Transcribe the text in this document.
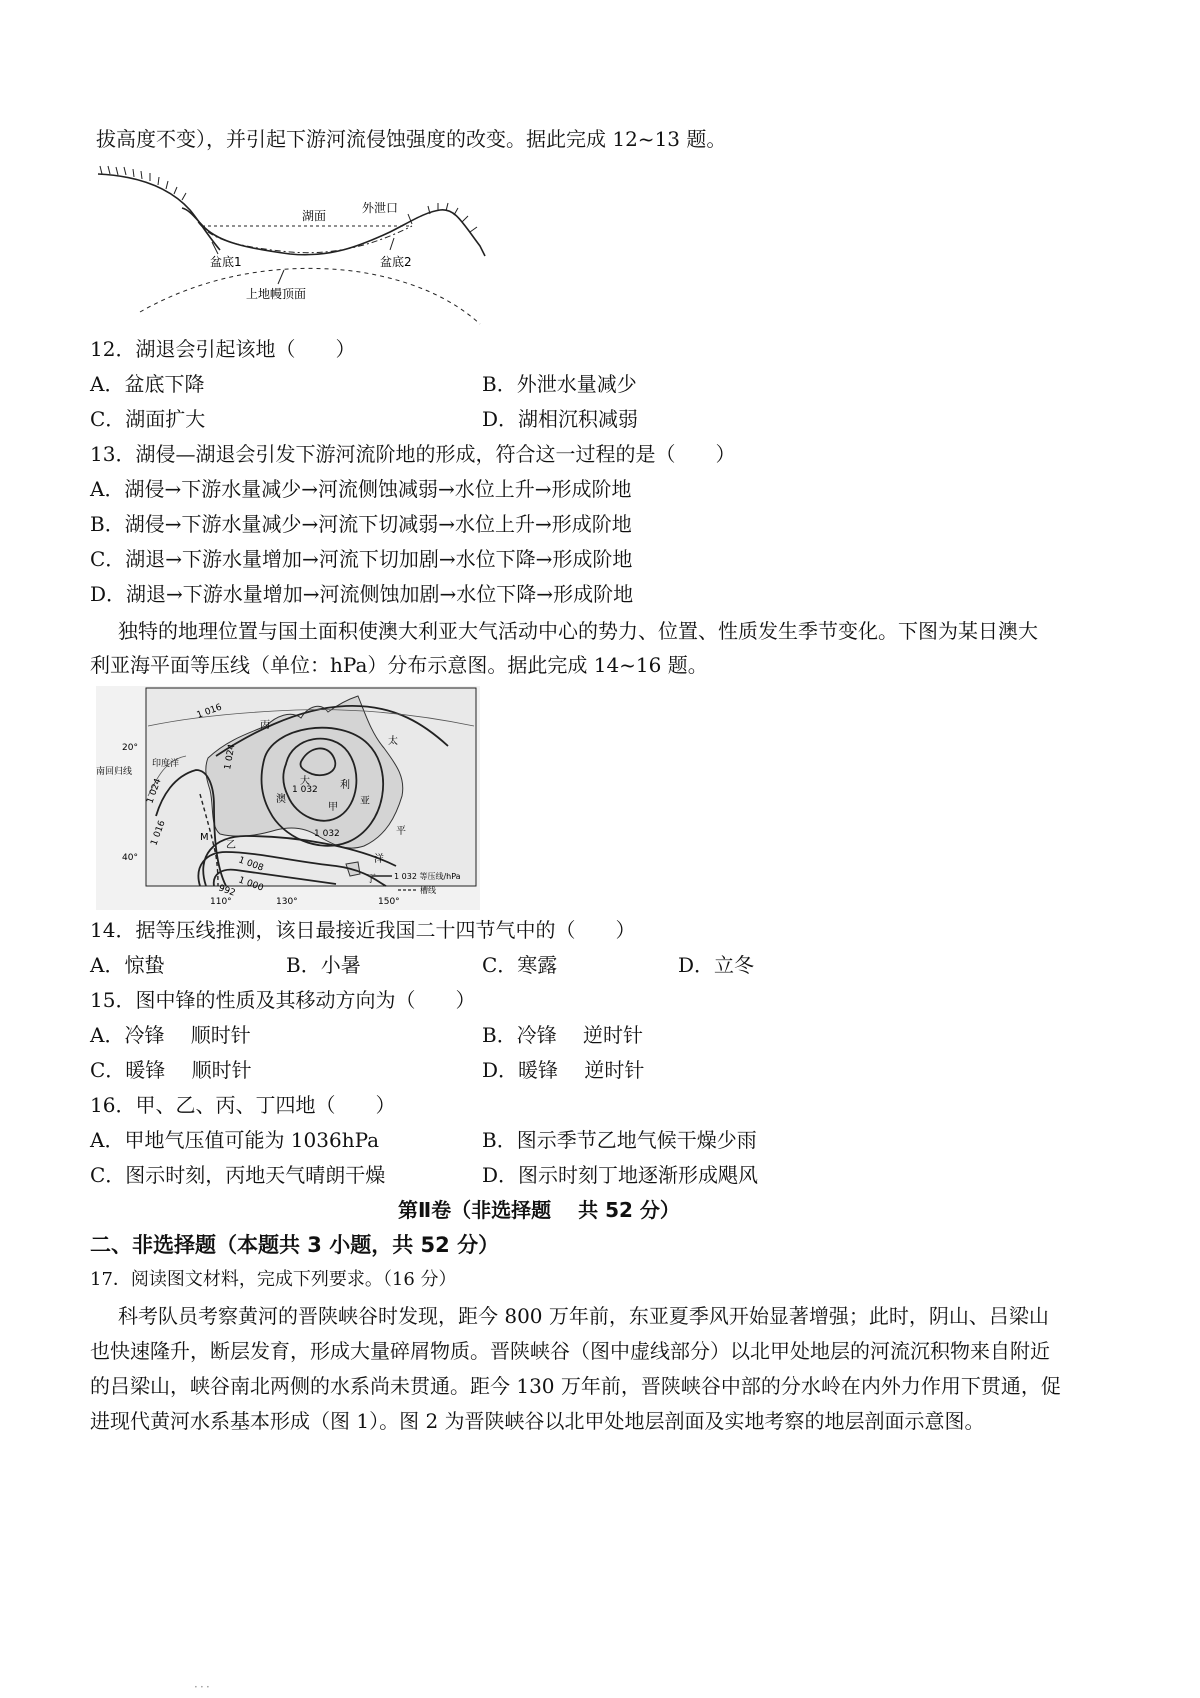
拔高度不变），并引起下游河流侵蚀强度的改变。据此完成 12~13 题。
湖面
外泄口
盆底1	盆底2
上地幔顶面
12．湖退会引起该地（　　）
A．盆底下降	B．外泄水量减少
C．湖面扩大	D．湖相沉积减弱
13．湖侵—湖退会引发下游河流阶地的形成，符合这一过程的是（　　）
A．湖侵→下游水量减少→河流侧蚀减弱→水位上升→形成阶地
B．湖侵→下游水量减少→河流下切减弱→水位上升→形成阶地
C．湖退→下游水量增加→河流下切加剧→水位下降→形成阶地
D．湖退→下游水量增加→河流侧蚀加剧→水位下降→形成阶地
独特的地理位置与国土面积使澳大利亚大气活动中心的势力、位置、性质发生季节变化。下图为某日澳大
利亚海平面等压线（单位：hPa）分布示意图。据此完成 14~16 题。
20°
40°
南回归线
印度洋
110°	130°	150°
1 016
1 016
1 024
1 024
1 032
1 032
1 008
1 000
992
丙
甲
乙
丁
M
太
平
洋
澳
大	利
亚
1 032 等压线/hPa
槽线
14．据等压线推测，该日最接近我国二十四节气中的（　　）
A．惊蛰	B．小暑	C．寒露	D．立冬
15．图中锋的性质及其移动方向为（　　）
A．冷锋　 顺时针	B．冷锋　 逆时针
C．暖锋　 顺时针	D．暖锋　 逆时针
16．甲、乙、丙、丁四地（　　）
A．甲地气压值可能为 1036hPa	B．图示季节乙地气候干燥少雨
C．图示时刻，丙地天气晴朗干燥	D．图示时刻丁地逐渐形成飓风
第Ⅱ卷（非选择题　 共 52 分）
二、非选择题（本题共 3 小题，共 52 分）
17．阅读图文材料，完成下列要求。（16 分）
科考队员考察黄河的晋陕峡谷时发现，距今 800 万年前，东亚夏季风开始显著增强；此时，阴山、吕梁山
也快速隆升，断层发育，形成大量碎屑物质。晋陕峡谷（图中虚线部分）以北甲处地层的河流沉积物来自附近
的吕梁山，峡谷南北两侧的水系尚未贯通。距今 130 万年前，晋陕峡谷中部的分水岭在内外力作用下贯通，促
进现代黄河水系基本形成（图 1）。图 2 为晋陕峡谷以北甲处地层剖面及实地考察的地层剖面示意图。
．．．
